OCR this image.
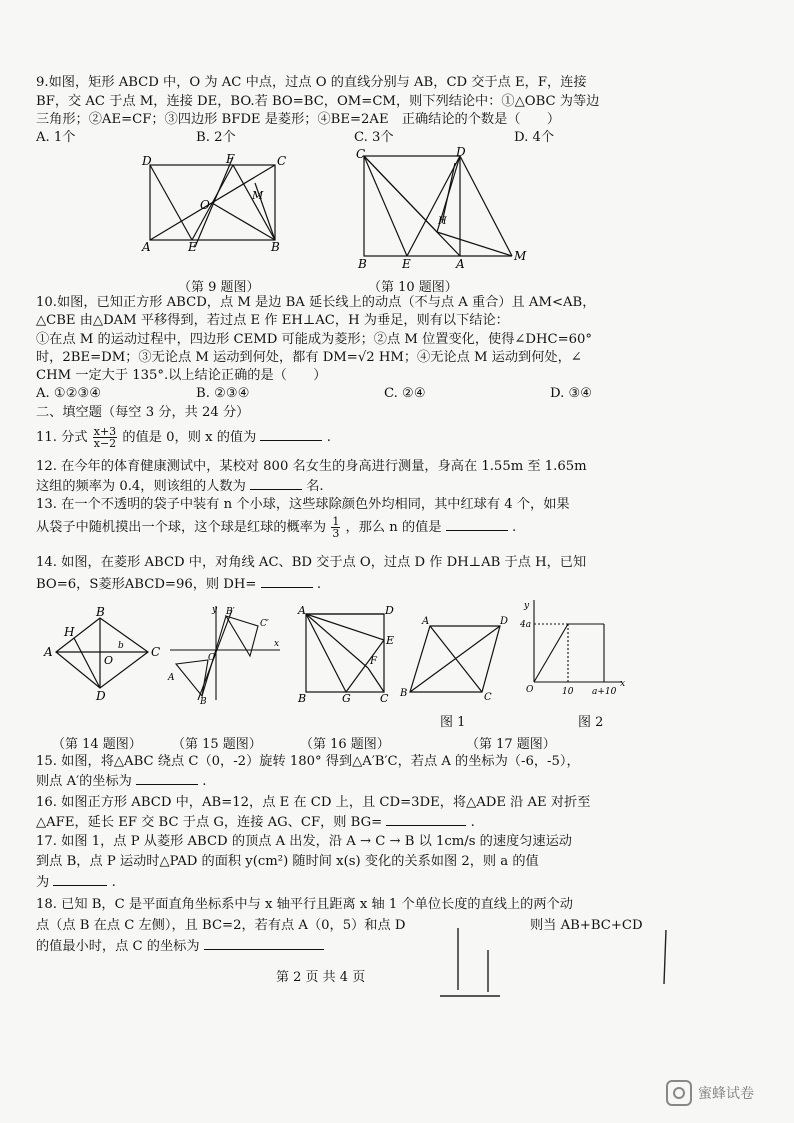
9.如图，矩形 ABCD 中，O 为 AC 中点，过点 O 的直线分别与 AB，CD 交于点 E，F，连接
BF，交 AC 于点 M，连接 DE，BO.若 BO=BC，OM=CM，则下列结论中：①△OBC 为等边
三角形；②AE=CF；③四边形 BFDE 是菱形；④BE=2AE　正确结论的个数是（　　）
A. 1个	B. 2个	C. 3个	D. 4个
D	F	C
O
M
A	E	B
C	D
H
B	E	A
M
（第 9 题图）	（第 10 题图）
10.如图，已知正方形 ABCD，点 M 是边 BA 延长线上的动点（不与点 A 重合）且 AM<AB，
△CBE 由△DAM 平移得到，若过点 E 作 EH⊥AC，H 为垂足，则有以下结论：
①在点 M 的运动过程中，四边形 CEMD 可能成为菱形；②点 M 位置变化，使得∠DHC=60°
时，2BE=DM；③无论点 M 运动到何处，都有 DM=√2 HM；④无论点 M 运动到何处，∠
CHM 一定大于 135°.以上结论正确的是（　　）
A. ①②③④	B. ②③④	C. ②④	D. ③④
二、填空题（每空 3 分，共 24 分）
11. 分式 $\frac{x+3}{x-2}$ 的值是 0，则 x 的值为	.
12. 在今年的体育健康测试中，某校对 800 名女生的身高进行测量，身高在 1.55m 至 1.65m
这组的频率为 0.4，则该组的人数为	名.
13. 在一个不透明的袋子中装有 n 个小球，这些球除颜色外均相同，其中红球有 4 个，如果
从袋子中随机摸出一个球，这个球是红球的概率为 $\frac{1}{3}$ ，那么 n 的值是	.
14. 如图，在菱形 ABCD 中，对角线 AC、BD 交于点 O，过点 D 作 DH⊥AB 于点 H，已知
BO=6，S菱形ABCD=96，则 DH=	.
B
H
A
O
C
D
b
y B′
C′
O
x
A
B
A	D
E
F
B	G	C
A	D
B	C
y
4a
O	10 a+10
x
图 1	图 2
（第 14 题图） （第 15 题图）	（第 16 题图）	（第 17 题图）
15. 如图，将△ABC 绕点 C（0，-2）旋转 180° 得到△A′B′C，若点 A 的坐标为（-6，-5），
则点 A′的坐标为	.
16. 如图正方形 ABCD 中，AB=12，点 E 在 CD 上，且 CD=3DE，将△ADE 沿 AE 对折至
△AFE，延长 EF 交 BC 于点 G，连接 AG、CF，则 BG=	.
17. 如图 1，点 P 从菱形 ABCD 的顶点 A 出发，沿 A → C → B 以 1cm/s 的速度匀速运动
到点 B，点 P 运动时△PAD 的面积 y(cm²) 随时间 x(s) 变化的关系如图 2，则 a 的值
为	.
18. 已知 B，C 是平面直角坐标系中与 x 轴平行且距离 x 轴 1 个单位长度的直线上的两个动
点（点 B 在点 C 左侧），且 BC=2，若有点 A（0，5）和点 D	则当 AB+BC+CD
的值最小时，点 C 的坐标为
第 2 页 共 4 页
蜜蜂试卷
